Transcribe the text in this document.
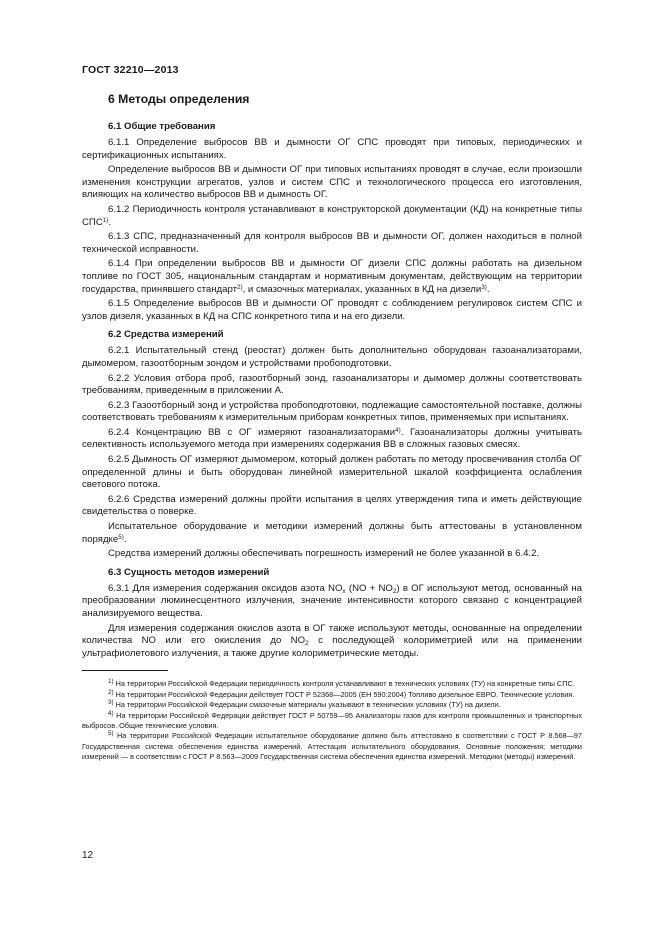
ГОСТ 32210—2013
6 Методы определения
6.1 Общие требования

6.1.1 Определение выбросов ВВ и дымности ОГ СПС проводят при типовых, периодических и сертификационных испытаниях.

Определение выбросов ВВ и дымности ОГ при типовых испытаниях проводят в случае, если произошли изменения конструкции агрегатов, узлов и систем СПС и технологического процесса его изготовления, влияющих на количество выбросов ВВ и дымность ОГ.

6.1.2 Периодичность контроля устанавливают в конструкторской документации (КД) на конкретные типы СПС$^{1)}$.

6.1.3 СПС, предназначенный для контроля выбросов ВВ и дымности ОГ, должен находиться в полной технической исправности.

6.1.4 При определении выбросов ВВ и дымности ОГ дизели СПС должны работать на дизельном топливе по ГОСТ 305, национальным стандартам и нормативным документам, действующим на территории государства, принявшего стандарт$^{2)}$, и смазочных материалах, указанных в КД на дизели$^{3)}$.

6.1.5 Определение выбросов ВВ и дымности ОГ проводят с соблюдением регулировок систем СПС и узлов дизеля, указанных в КД на СПС конкретного типа и на его дизели.

6.2 Средства измерений

6.2.1 Испытательный стенд (реостат) должен быть дополнительно оборудован газоанализаторами, дымомером, газоотборным зондом и устройствами пробоподготовки.

6.2.2 Условия отбора проб, газоотборный зонд, газоанализаторы и дымомер должны соответствовать требованиям, приведенным в приложении А.

6.2.3 Газоотборный зонд и устройства пробоподготовки, подлежащие самостоятельной поставке, должны соответствовать требованиям к измерительным приборам конкретных типов, применяемых при испытаниях.

6.2.4 Концентрацию ВВ с ОГ измеряют газоанализаторами$^{4)}$. Газоанализаторы должны учитывать селективность используемого метода при измерениях содержания ВВ в сложных газовых смесях.

6.2.5 Дымность ОГ измеряют дымомером, который должен работать по методу просвечивания столба ОГ определенной длины и быть оборудован линейной измерительной шкалой коэффициента ослабления светового потока.

6.2.6 Средства измерений должны пройти испытания в целях утверждения типа и иметь действующие свидетельства о поверке.

Испытательное оборудование и методики измерений должны быть аттестованы в установленном порядке$^{5)}$.

Средства измерений должны обеспечивать погрешность измерений не более указанной в 6.4.2.

6.3 Сущность методов измерений

6.3.1 Для измерения содержания оксидов азота $NO_x$ $(NO + NO_2)$ в ОГ используют метод, основанный на преобразовании люминесцентного излучения, значение интенсивности которого связано с концентрацией анализируемого вещества.

Для измерения содержания окислов азота в ОГ также используют методы, основанные на определении количества NO или его окисления до $NO_2$ с последующей колориметрией или на применении ультрафиолетового излучения, а также другие колориметрические методы.

$^{1)}$ На территории Российской Федерации периодичность контроля устанавливают в технических условиях (ТУ) на конкретные типы СПС.

$^{2)}$ На территории Российской Федерации действует ГОСТ Р 52368—2005 (ЕН 590:2004) Топливо дизельное ЕВРО. Технические условия.

$^{3)}$ На территории Российской Федерации смазочные материалы указывают в технических условиях (ТУ) на дизели.

$^{4)}$ На территории Российской Федерации действует ГОСТ Р 50759—95 Анализаторы газов для контроля промышленных и транспортных выбросов. Общие технические условия.

$^{5)}$ На территории Российской Федерации испытательное оборудование должно быть аттестовано в соответствии с ГОСТ Р 8.568—97 Государственная система обеспечения единства измерений. Аттестация испытательного оборудования. Основные положения; методики измерений — в соответствии с ГОСТ Р 8.563—2009 Государственная система обеспечения единства измерений. Методики (методы) измерений.

12
